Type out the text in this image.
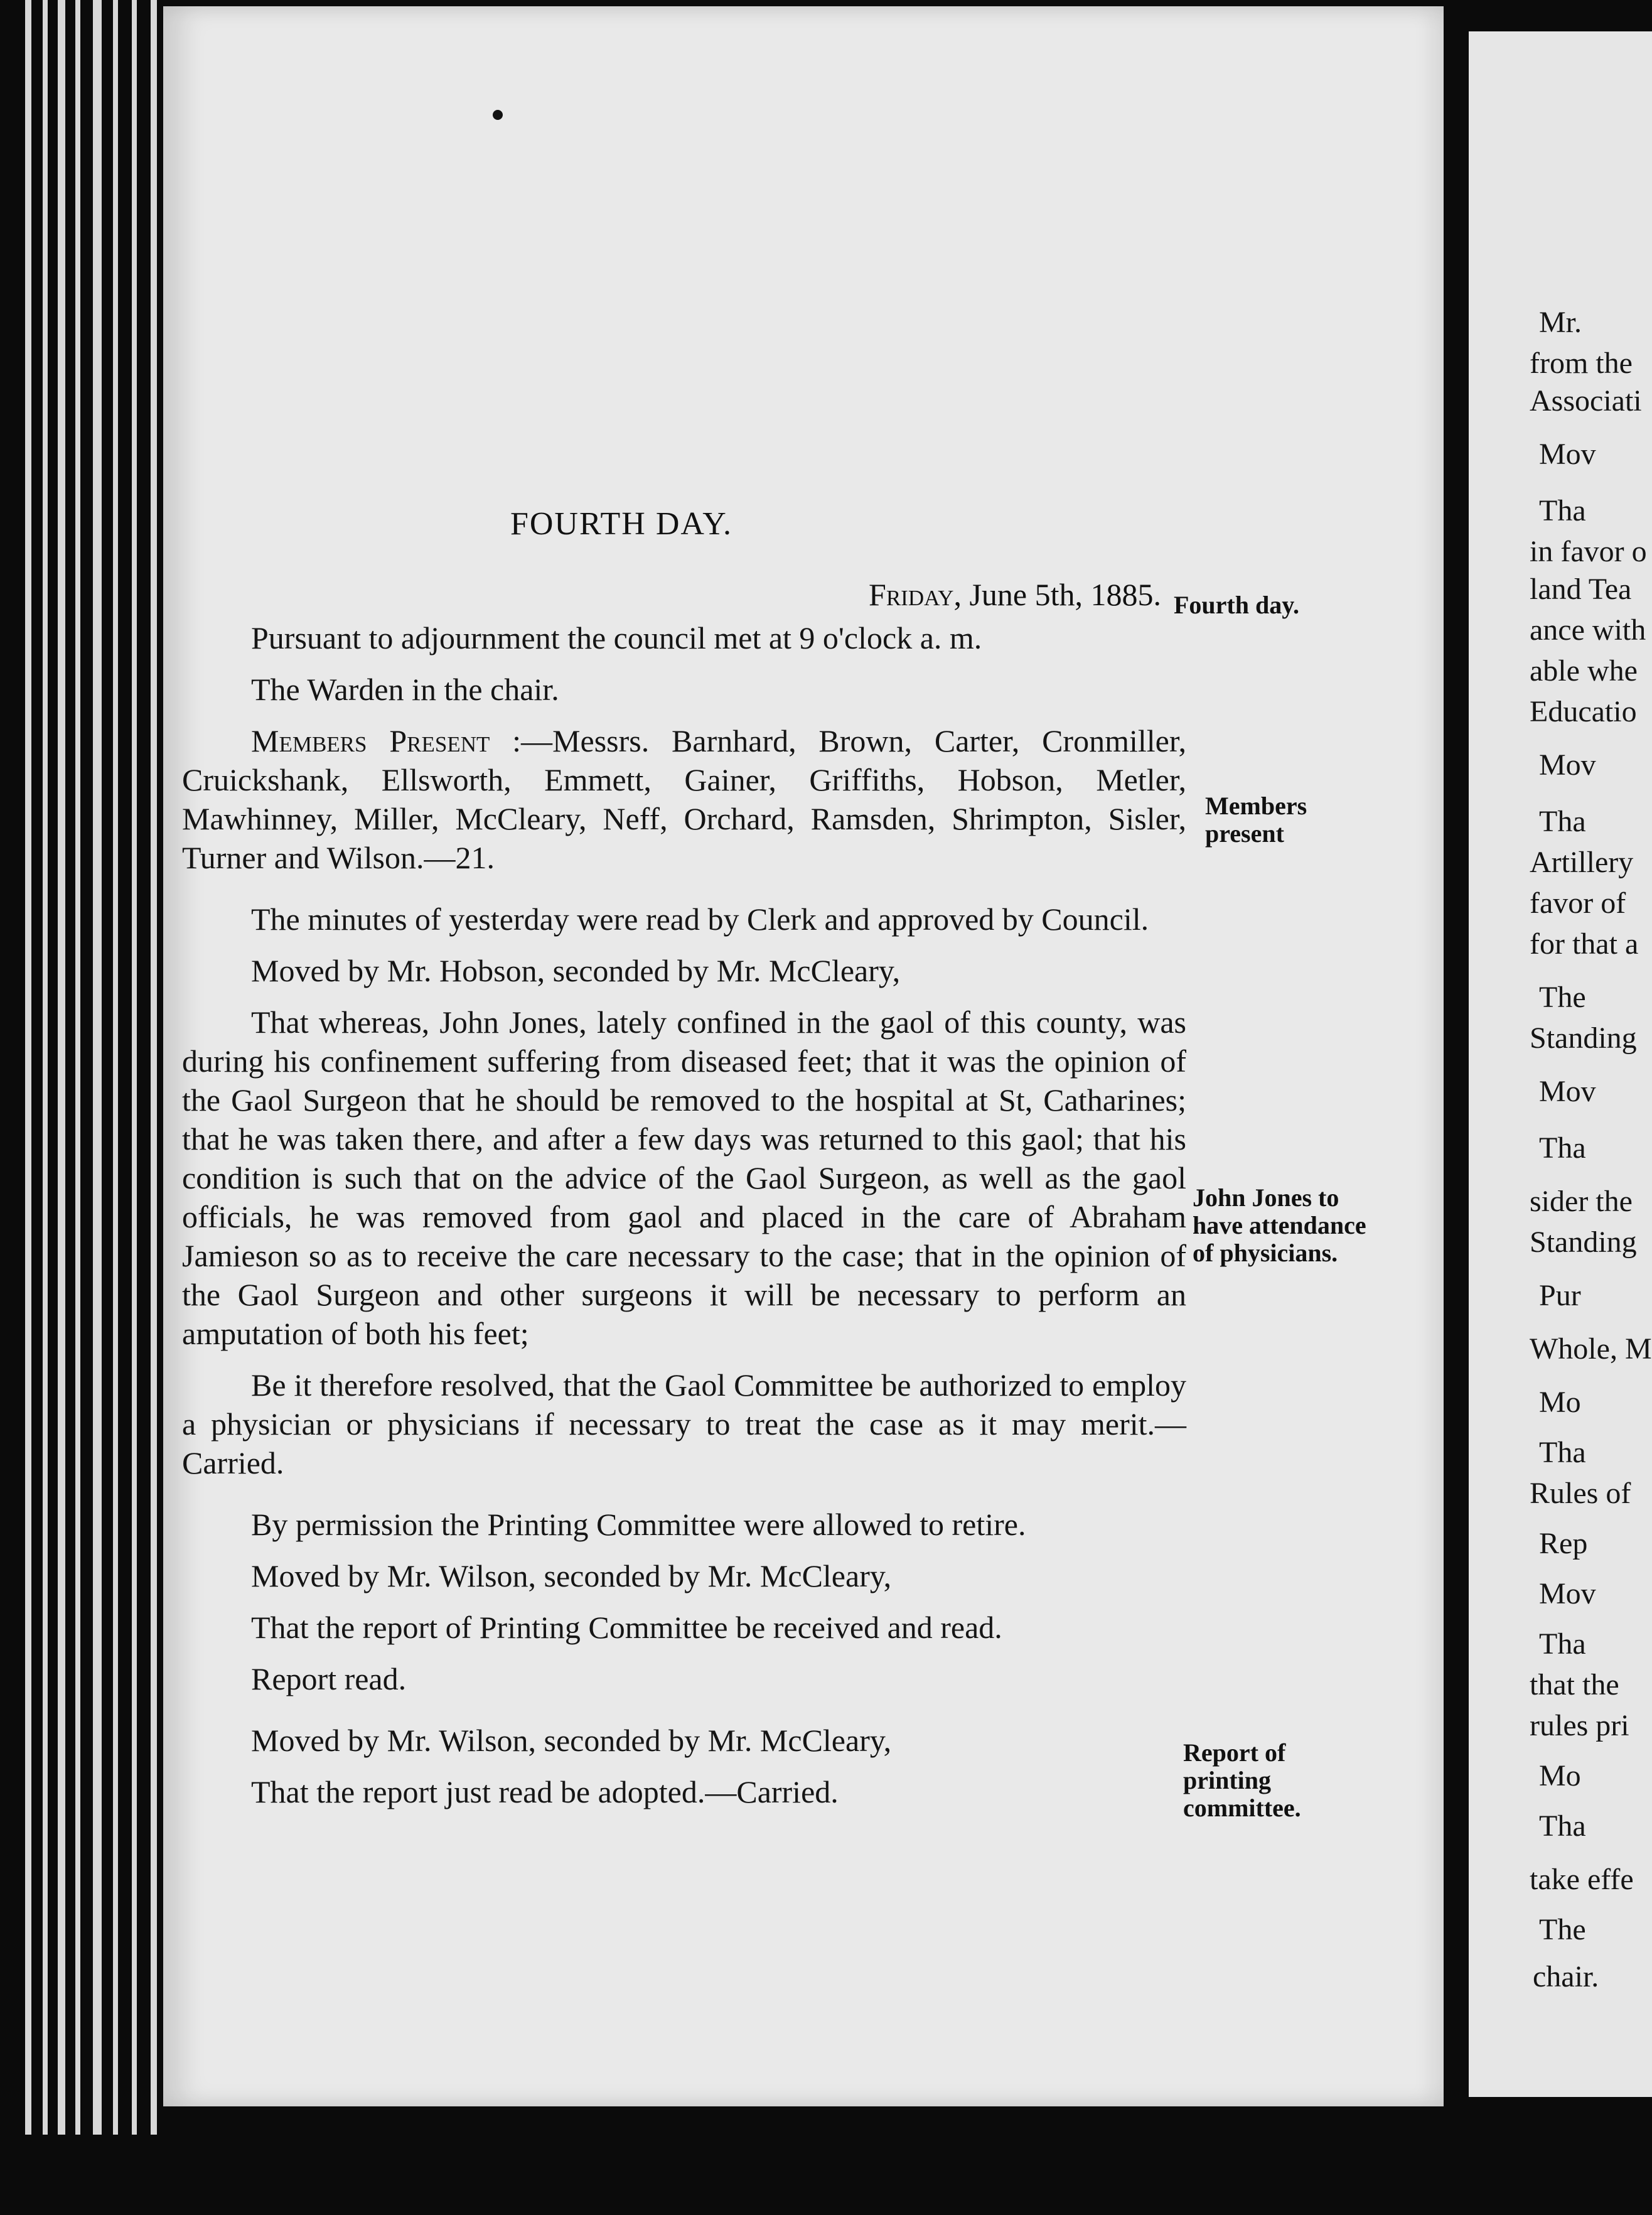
FOURTH DAY.
Friday, June 5th, 1885.

Pursuant to adjournment the council met at 9 o'clock a. m.

The Warden in the chair.

Members Present :—Messrs. Barnhard, Brown, Carter, Cronmiller, Cruickshank, Ellsworth, Emmett, Gainer, Griffiths, Hobson, Metler, Mawhinney, Miller, McCleary, Neff, Orchard, Ramsden, Shrimpton, Sisler, Turner and Wilson.—21.

The minutes of yesterday were read by Clerk and approved by Council.

Moved by Mr. Hobson, seconded by Mr. McCleary,

That whereas, John Jones, lately confined in the gaol of this county, was during his confinement suffering from diseased feet; that it was the opinion of the Gaol Surgeon that he should be removed to the hospital at St, Catharines; that he was taken there, and after a few days was returned to this gaol; that his condition is such that on the advice of the Gaol Surgeon, as well as the gaol officials, he was removed from gaol and placed in the care of Abraham Jamieson so as to receive the care necessary to the case; that in the opinion of the Gaol Surgeon and other surgeons it will be necessary to perform an amputation of both his feet;

Be it therefore resolved, that the Gaol Committee be authorized to employ a physician or physicians if necessary to treat the case as it may merit.—Carried.

By permission the Printing Committee were allowed to retire.

Moved by Mr. Wilson, seconded by Mr. McCleary,

That the report of Printing Committee be received and read.

Report read.

Moved by Mr. Wilson, seconded by Mr. McCleary,

That the report just read be adopted.—Carried.

Fourth day.
Members present
John Jones to have attendance of physicians.
Report of printing committee.
Mr.
from the
Associati
Mov
Tha
in favor o
land Tea
ance with
able whe
Educatio
Mov
Tha
Artillery
favor of
for that a
The
Standing
Mov
Tha
sider the
Standing
Pur
Whole, M
Mo
Tha
Rules of
Rep
Mov
Tha
that the
rules pri
Mo
Tha
take effe
The
chair.
